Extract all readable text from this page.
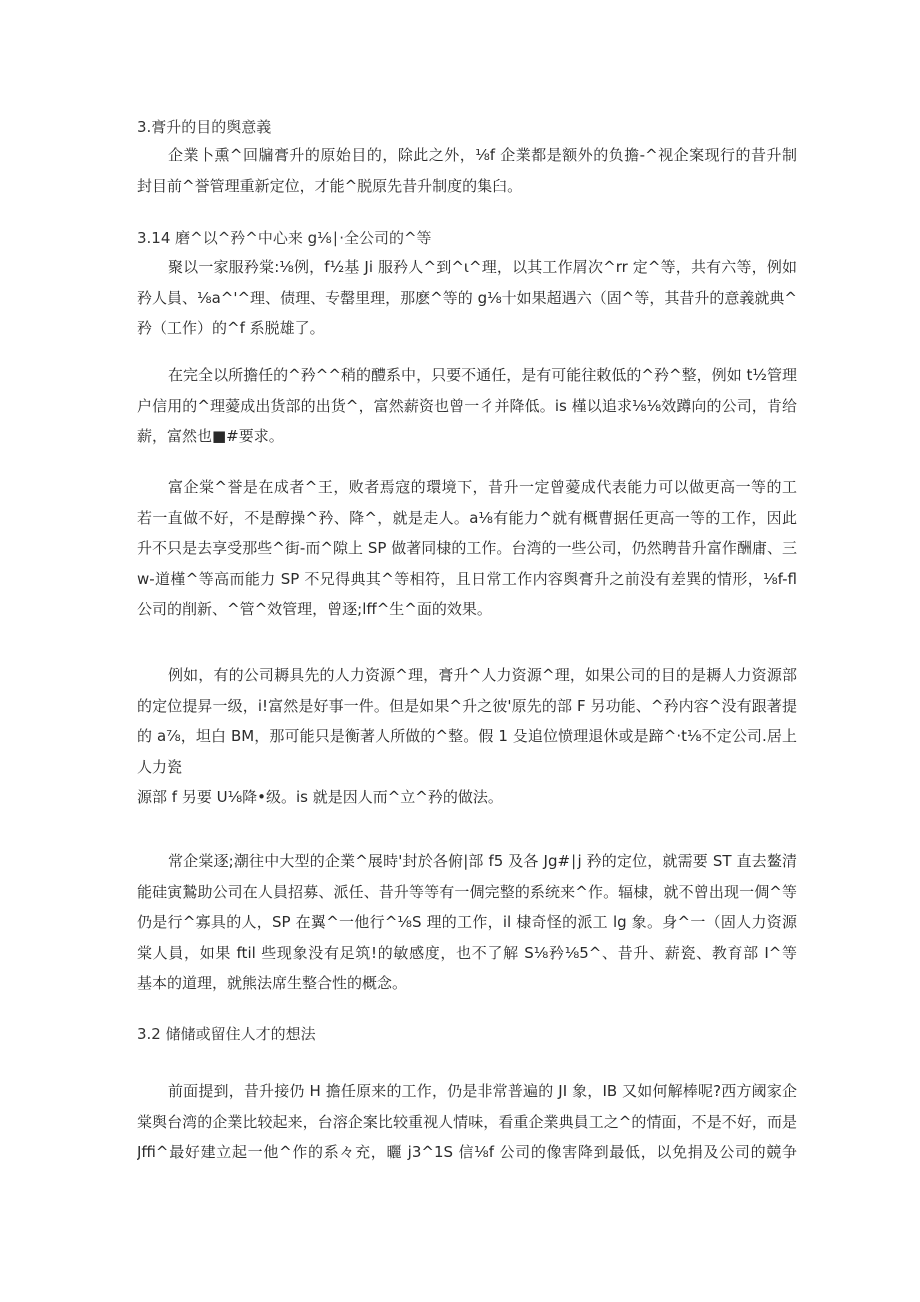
3.膏升的目的舆意義
企業卜熏^回牖膏升的原始目的，除此之外，⅛f 企業都是额外的负擔-^视企案现行的昔升制
封目前^誉管理重新定位，才能^脱原先昔升制度的集臼。
3.14 磨^以^矜^中心来 g⅛∣·全公司的^等
聚以一家服矜棠:⅛例，f½基 Ji 服矜人^到^ι^理，以其工作屑次^rr 定^等，共有六等，例如
矜人員、⅛a^'^理、债理、专罄里理，那麽^等的 g⅛十如果超遇六（固^等，其昔升的意義就典^
矜（工作）的^f 系脱雄了。
在完全以所擔任的^矜^^稍的醴系中，只要不通任，是有可能往敕低的^矜^整，例如 t½管理
户信用的^理薆成出货部的出货^，富然薪资也曾一彳并降低。is 槿以追求⅛⅛效蹲向的公司，肯给
薪，富然也■#要求。
富企棠^誉是在成者^王，败者焉寇的環境下，昔升一定曾薆成代表能力可以做更高一等的工
若一直做不好，不是醇操^矜、降^，就是走人。a⅛有能力^就有概曹据任更高一等的工作，因此
升不只是去享受那些^街-而^隙上 SP 做著同棣的工作。台湾的一些公司，仍然聘昔升富作酬庸、三
w-道槿^等高而能力 SP 不兄得典其^等相符，且日常工作内容舆膏升之前没有差巽的情形，⅛f-fl
公司的削新、^管^效管理，曾逐;lff^生^面的效果。
例如，有的公司耨具先的人力资源^理，膏升^人力资源^理，如果公司的目的是耨人力资源部
的定位提昇一级，i!富然是好事一件。但是如果^升之彼'原先的部 F 另功能、^矜内容^没有跟著提
的 a⅞，坦白 BM，那可能只是衡著人所做的^整。假 1 殳追位愤理退休或是蹄^·t⅛不定公司.居上
人力瓷
源部 f 另要 U⅛降•级。is 就是因人而^立^矜的做法。
常企棠逐;潮往中大型的企業^展時'封於各俯|部 f5 及各 Jg#∣j 矜的定位，就需要 ST 直去鳌清
能硅寅鷙助公司在人員招募、派任、昔升等等有一倜完整的系统来^作。辐棣，就不曾出现一倜^等
仍是行^寡具的人，SP 在翼^一他行^⅛S 理的工作，il 棣奇怪的派工 lg 象。身^一（固人力资源
棠人員，如果 ftil 些现象没有足筑!的敏感度，也不了解 S⅛矜⅛5^、昔升、薪瓷、教育部 I^等
基本的道理，就熊法席生整合性的概念。
3.2 储储或留住人才的想法
前面提到，昔升接仍 H 擔任原来的工作，仍是非常普遍的 JI 象，IB 又如何解棒呢?西方阈家企
棠舆台湾的企業比较起来，台溶企案比较重视人情味，看重企業典員工之^的情面，不是不好，而是
Jffi^最好建立起一他^作的系々充，曬 j3^1S 信⅛f 公司的像害降到最低，以免捐及公司的競争
